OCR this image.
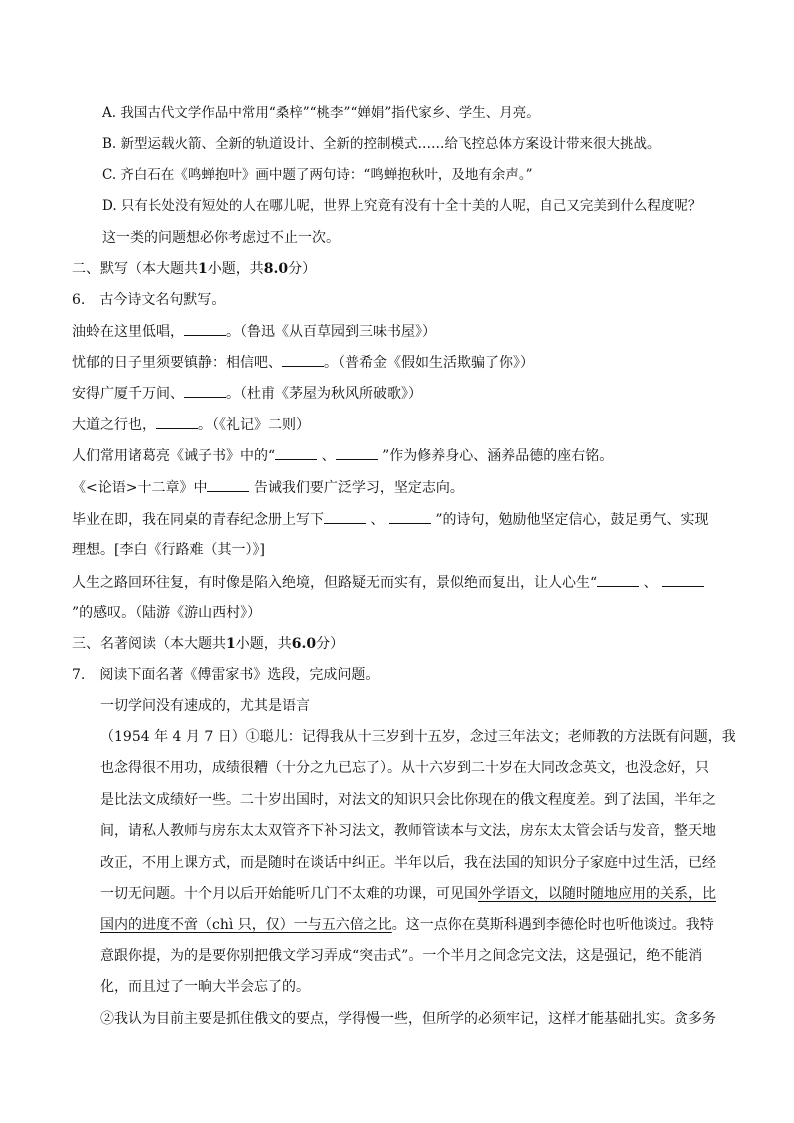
A. 我国古代文学作品中常用“桑梓”“桃李”“婵娟”指代家乡、学生、月亮。
B. 新型运载火箭、全新的轨道设计、全新的控制模式……给飞控总体方案设计带来很大挑战。
C. 齐白石在《鸣蝉抱叶》画中题了两句诗：“鸣蝉抱秋叶，及地有余声。”
D. 只有长处没有短处的人在哪儿呢，世界上究竟有没有十全十美的人呢，自己又完美到什么程度呢？
这一类的问题想必你考虑过不止一次。
二、默写（本大题共1小题，共8.0分）
6.　古今诗文名句默写。
油蛉在这里低唱，	。（鲁迅《从百草园到三味书屋》）
忧郁的日子里须要镇静：相信吧、	。（普希金《假如生活欺骗了你》）
安得广厦千万间、	。（杜甫《茅屋为秋风所破歌》）
大道之行也，	。（《礼记》二则）
人们常用诸葛亮《诫子书》中的“	、	”作为修养身心、涵养品德的座右铭。
《<论语>十二章》中	告诫我们要广泛学习，坚定志向。
毕业在即，我在同桌的青春纪念册上写下	、	”的诗句，勉励他坚定信心，鼓足勇气、实现
理想。[李白《行路难（其一）》]
人生之路回环往复，有时像是陷入绝境，但路疑无而实有，景似绝而复出，让人心生“	、
”的感叹。（陆游《游山西村》）
三、名著阅读（本大题共1小题，共6.0分）
7.　阅读下面名著《傅雷家书》选段，完成问题。
一切学问没有速成的，尤其是语言
（1954 年 4 月 7 日）①聪儿：记得我从十三岁到十五岁，念过三年法文；老师教的方法既有问题，我
也念得很不用功，成绩很糟（十分之九已忘了）。从十六岁到二十岁在大同改念英文，也没念好，只
是比法文成绩好一些。二十岁出国时，对法文的知识只会比你现在的俄文程度差。到了法国，半年之
间，请私人教师与房东太太双管齐下补习法文，教师管读本与文法，房东太太管会话与发音，整天地
改正，不用上课方式，而是随时在谈话中纠正。半年以后，我在法国的知识分子家庭中过生活，已经
一切无问题。十个月以后开始能听几门不太难的功课，可见国外学语文，以随时随地应用的关系，比
国内的进度不啻（chì 只，仅）一与五六倍之比。这一点你在莫斯科遇到李德伦时也听他谈过。我特
意跟你提，为的是要你别把俄文学习弄成“突击式”。一个半月之间念完文法，这是强记，绝不能消
化，而且过了一晌大半会忘了的。
②我认为目前主要是抓住俄文的要点，学得慢一些，但所学的必须牢记，这样才能基础扎实。贪多务
